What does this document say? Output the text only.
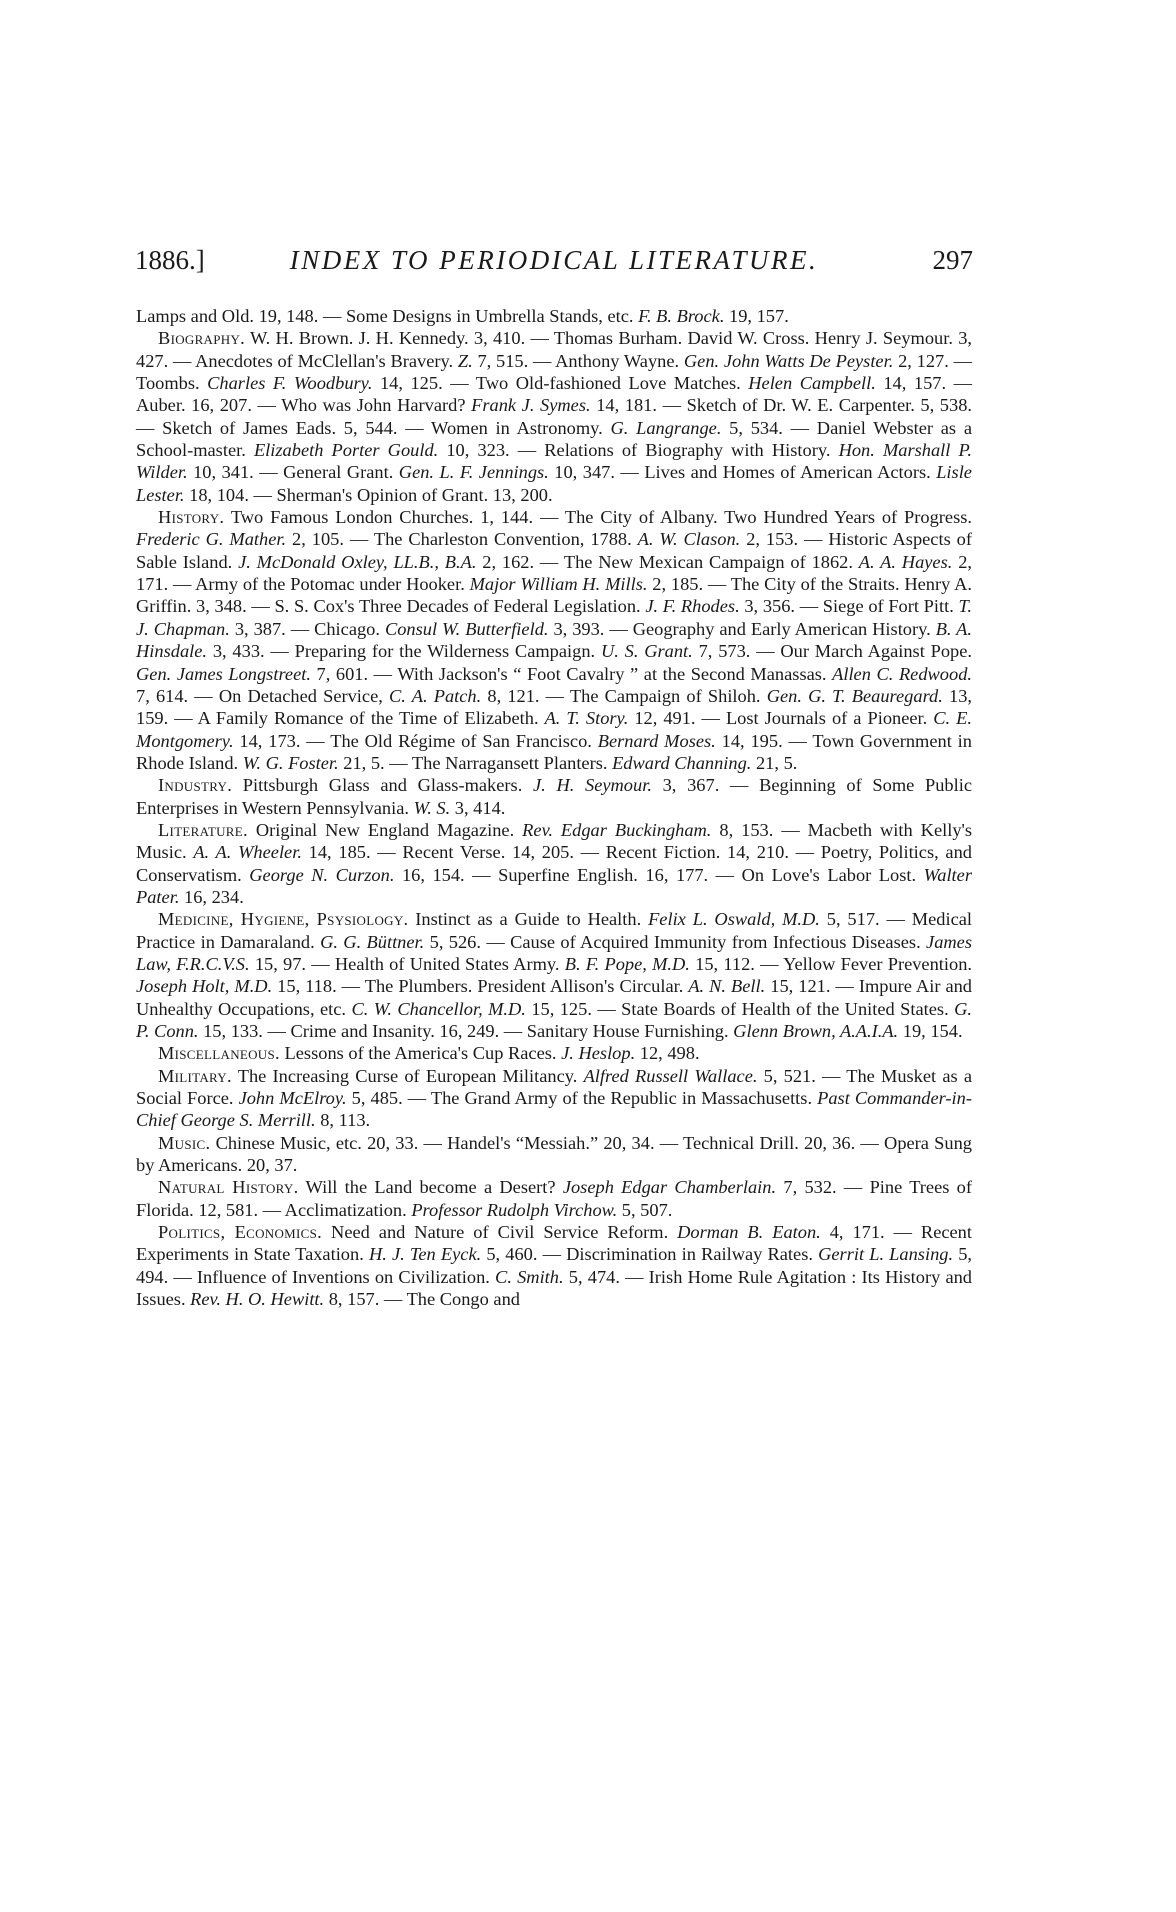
1886.]	INDEX TO PERIODICAL LITERATURE.	297

Lamps and Old. 19, 148. — Some Designs in Umbrella Stands, etc. F. B. Brock. 19, 157.

Biography. W. H. Brown. J. H. Kennedy. 3, 410. — Thomas Burham. David W. Cross. Henry J. Seymour. 3, 427. — Anecdotes of McClellan's Bravery. Z. 7, 515. — Anthony Wayne. Gen. John Watts De Peyster. 2, 127. — Toombs. Charles F. Woodbury. 14, 125. — Two Old-fashioned Love Matches. Helen Campbell. 14, 157. — Auber. 16, 207. — Who was John Harvard? Frank J. Symes. 14, 181. — Sketch of Dr. W. E. Carpenter. 5, 538. — Sketch of James Eads. 5, 544. — Women in Astronomy. G. Langrange. 5, 534. — Daniel Webster as a School-master. Elizabeth Porter Gould. 10, 323. — Relations of Biography with History. Hon. Marshall P. Wilder. 10, 341. — General Grant. Gen. L. F. Jennings. 10, 347. — Lives and Homes of American Actors. Lisle Lester. 18, 104. — Sherman's Opinion of Grant. 13, 200.

History. Two Famous London Churches. 1, 144. — The City of Albany. Two Hundred Years of Progress. Frederic G. Mather. 2, 105. — The Charleston Convention, 1788. A. W. Clason. 2, 153. — Historic Aspects of Sable Island. J. McDonald Oxley, LL.B., B.A. 2, 162. — The New Mexican Campaign of 1862. A. A. Hayes. 2, 171. — Army of the Potomac under Hooker. Major William H. Mills. 2, 185. — The City of the Straits. Henry A. Griffin. 3, 348. — S. S. Cox's Three Decades of Federal Legislation. J. F. Rhodes. 3, 356. — Siege of Fort Pitt. T. J. Chapman. 3, 387. — Chicago. Consul W. Butterfield. 3, 393. — Geography and Early American History. B. A. Hinsdale. 3, 433. — Preparing for the Wilderness Campaign. U. S. Grant. 7, 573. — Our March Against Pope. Gen. James Longstreet. 7, 601. — With Jackson's “ Foot Cavalry ” at the Second Manassas. Allen C. Redwood. 7, 614. — On Detached Service, C. A. Patch. 8, 121. — The Campaign of Shiloh. Gen. G. T. Beauregard. 13, 159. — A Family Romance of the Time of Elizabeth. A. T. Story. 12, 491. — Lost Journals of a Pioneer. C. E. Montgomery. 14, 173. — The Old Régime of San Francisco. Bernard Moses. 14, 195. — Town Government in Rhode Island. W. G. Foster. 21, 5. — The Narragansett Planters. Edward Channing. 21, 5.

Industry. Pittsburgh Glass and Glass-makers. J. H. Seymour. 3, 367. — Beginning of Some Public Enterprises in Western Pennsylvania. W. S. 3, 414.

Literature. Original New England Magazine. Rev. Edgar Buckingham. 8, 153. — Macbeth with Kelly's Music. A. A. Wheeler. 14, 185. — Recent Verse. 14, 205. — Recent Fiction. 14, 210. — Poetry, Politics, and Conservatism. George N. Curzon. 16, 154. — Superfine English. 16, 177. — On Love's Labor Lost. Walter Pater. 16, 234.

Medicine, Hygiene, Psysiology. Instinct as a Guide to Health. Felix L. Oswald, M.D. 5, 517. — Medical Practice in Damaraland. G. G. Büttner. 5, 526. — Cause of Acquired Immunity from Infectious Diseases. James Law, F.R.C.V.S. 15, 97. — Health of United States Army. B. F. Pope, M.D. 15, 112. — Yellow Fever Prevention. Joseph Holt, M.D. 15, 118. — The Plumbers. President Allison's Circular. A. N. Bell. 15, 121. — Impure Air and Unhealthy Occupations, etc. C. W. Chancellor, M.D. 15, 125. — State Boards of Health of the United States. G. P. Conn. 15, 133. — Crime and Insanity. 16, 249. — Sanitary House Furnishing. Glenn Brown, A.A.I.A. 19, 154.

Miscellaneous. Lessons of the America's Cup Races. J. Heslop. 12, 498.

Military. The Increasing Curse of European Militancy. Alfred Russell Wallace. 5, 521. — The Musket as a Social Force. John McElroy. 5, 485. — The Grand Army of the Republic in Massachusetts. Past Commander-in-Chief George S. Merrill. 8, 113.

Music. Chinese Music, etc. 20, 33. — Handel's “Messiah.” 20, 34. — Technical Drill. 20, 36. — Opera Sung by Americans. 20, 37.

Natural History. Will the Land become a Desert? Joseph Edgar Chamberlain. 7, 532. — Pine Trees of Florida. 12, 581. — Acclimatization. Professor Rudolph Virchow. 5, 507.

Politics, Economics. Need and Nature of Civil Service Reform. Dorman B. Eaton. 4, 171. — Recent Experiments in State Taxation. H. J. Ten Eyck. 5, 460. — Discrimination in Railway Rates. Gerrit L. Lansing. 5, 494. — Influence of Inventions on Civilization. C. Smith. 5, 474. — Irish Home Rule Agitation : Its History and Issues. Rev. H. O. Hewitt. 8, 157. — The Congo and
